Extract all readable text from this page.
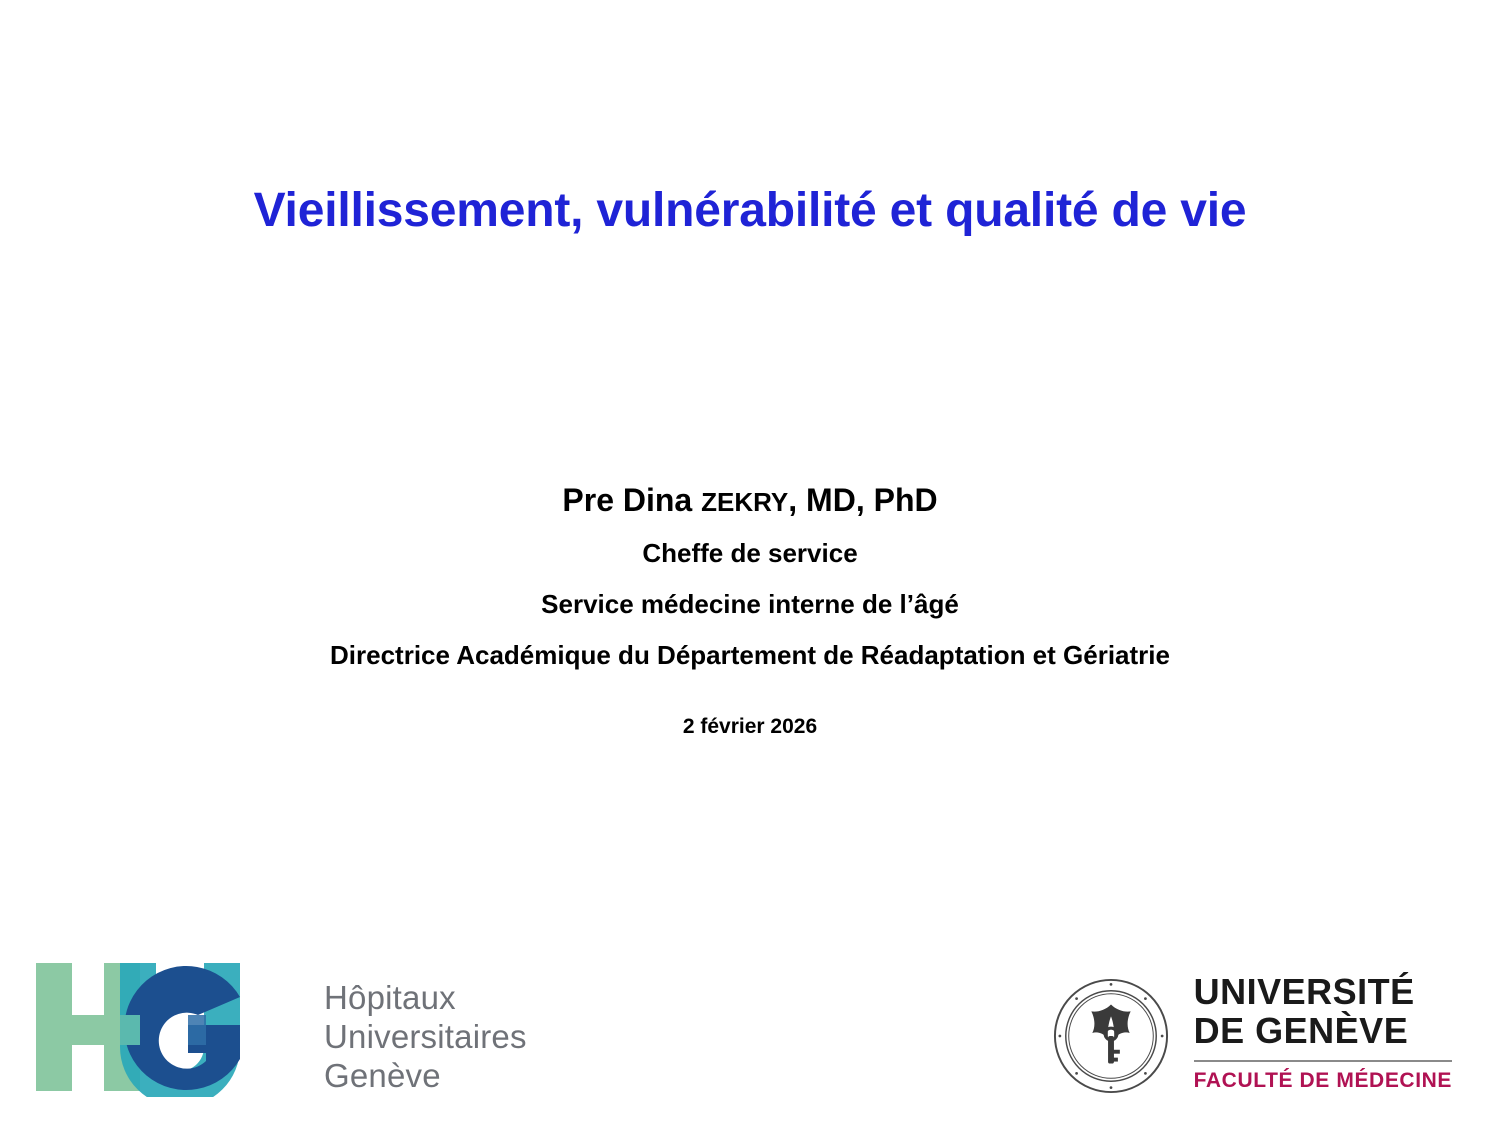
Vieillissement, vulnérabilité et qualité de vie
Pre Dina ZEKRY, MD, PhD
Cheffe de service
Service médecine interne de l’âgé
Directrice Académique du Département de Réadaptation et Gériatrie
2 février 2026
Hôpitaux
Universitaires
Genève
UNIVERSITÉ
DE GENÈVE
FACULTÉ DE MÉDECINE
